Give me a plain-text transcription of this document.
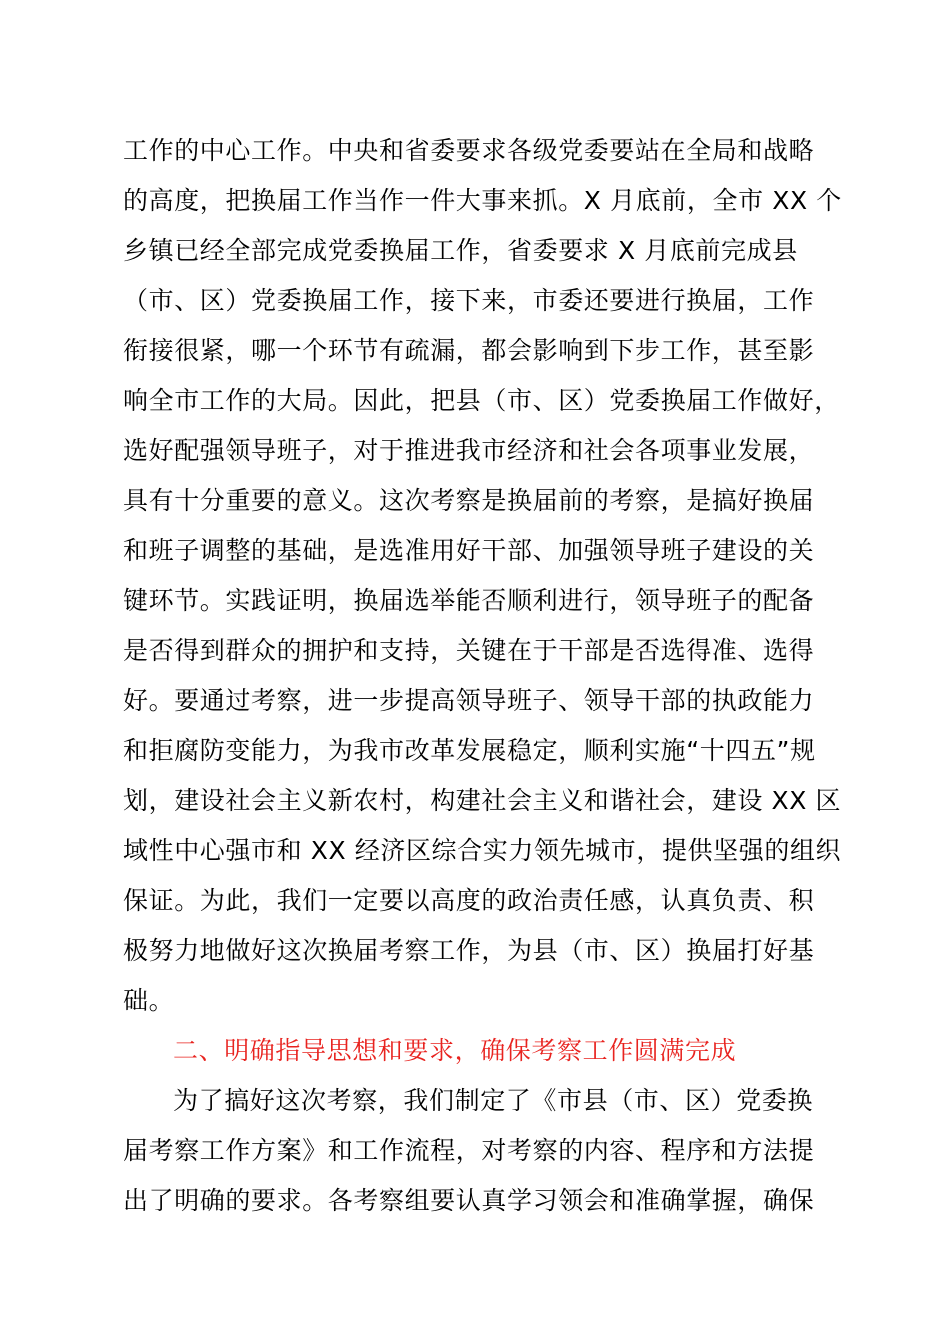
工作的中心工作。中央和省委要求各级党委要站在全局和战略
的高度，把换届工作当作一件大事来抓。X 月底前，全市 XX 个
乡镇已经全部完成党委换届工作，省委要求 X 月底前完成县
（市、区）党委换届工作，接下来，市委还要进行换届，工作
衔接很紧，哪一个环节有疏漏，都会影响到下步工作，甚至影
响全市工作的大局。因此，把县（市、区）党委换届工作做好，
选好配强领导班子，对于推进我市经济和社会各项事业发展，
具有十分重要的意义。这次考察是换届前的考察，是搞好换届
和班子调整的基础，是选准用好干部、加强领导班子建设的关
键环节。实践证明，换届选举能否顺利进行，领导班子的配备
是否得到群众的拥护和支持，关键在于干部是否选得准、选得
好。要通过考察，进一步提高领导班子、领导干部的执政能力
和拒腐防变能力，为我市改革发展稳定，顺利实施“十四五”规
划，建设社会主义新农村，构建社会主义和谐社会，建设 XX 区
域性中心强市和 XX 经济区综合实力领先城市，提供坚强的组织
保证。为此，我们一定要以高度的政治责任感，认真负责、积
极努力地做好这次换届考察工作，为县（市、区）换届打好基
础。
二、明确指导思想和要求，确保考察工作圆满完成
为了搞好这次考察，我们制定了《市县（市、区）党委换
届考察工作方案》和工作流程，对考察的内容、程序和方法提
出了明确的要求。各考察组要认真学习领会和准确掌握，确保
